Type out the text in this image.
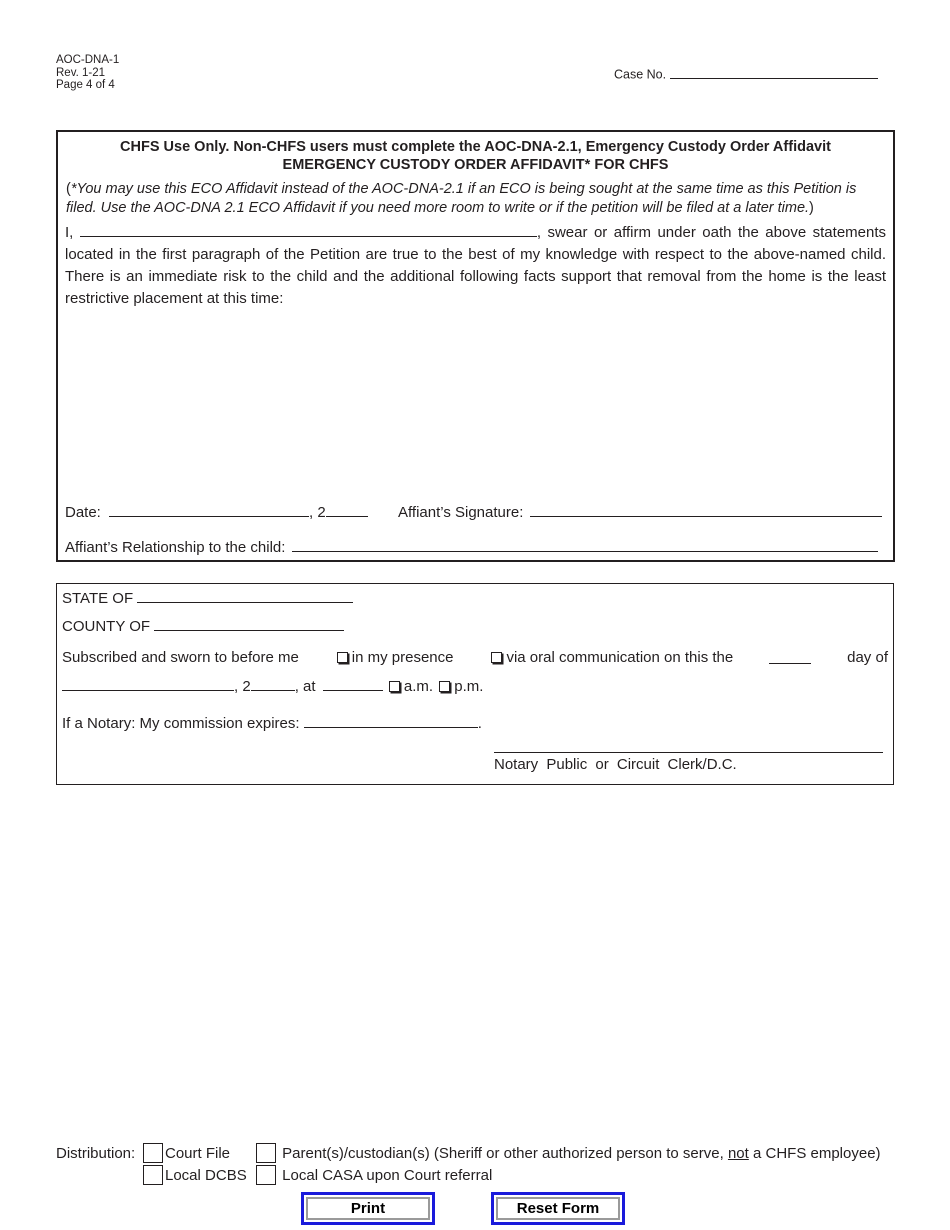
AOC-DNA-1
Rev. 1-21
Page 4 of 4
Case No.
CHFS Use Only. Non-CHFS users must complete the AOC-DNA-2.1, Emergency Custody Order Affidavit
EMERGENCY CUSTODY ORDER AFFIDAVIT* FOR CHFS
(*You may use this ECO Affidavit instead of the AOC-DNA-2.1 if an ECO is being sought at the same time as this Petition is filed. Use the AOC-DNA 2.1 ECO Affidavit if you need more room to write or if the petition will be filed at a later time.)
I,	, swear or affirm under oath the above statements located in the first paragraph of the Petition are true to the best of my knowledge with respect to the above-named child. There is an immediate risk to the child and the additional following facts support that removal from the home is the least restrictive placement at this time:
Date:	, 2	Affiant’s Signature:
Affiant’s Relationship to the child:
STATE OF
COUNTY OF
Subscribed and sworn to before me	in my presence	via oral communication on this the	day of
, 2	, at	a.m. p.m.
If a Notary: My commission expires:	.
Notary Public or Circuit Clerk/D.C.
Distribution:	Court File	Parent(s)/custodian(s) (Sheriff or other authorized person to serve, not a CHFS employee)
Local DCBS	Local CASA upon Court referral
Print	Reset Form
